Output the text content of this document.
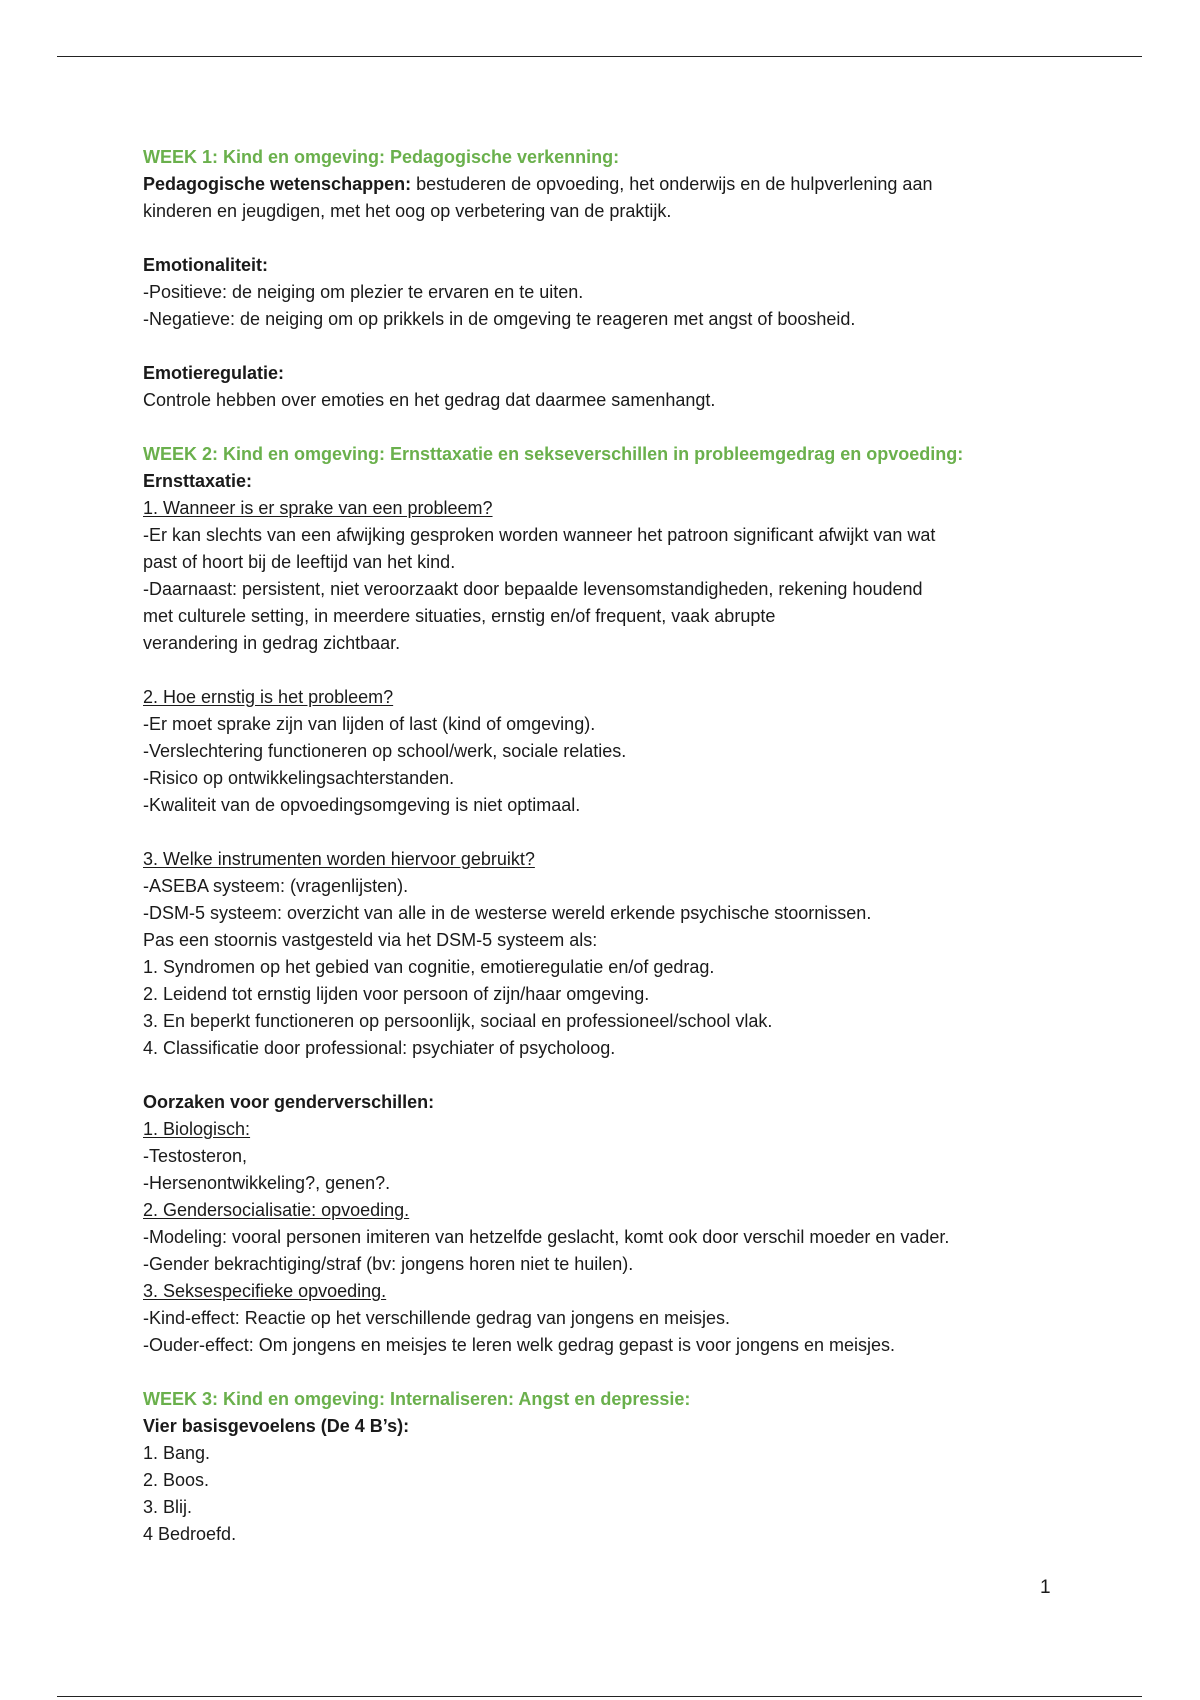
WEEK 1: Kind en omgeving: Pedagogische verkenning:
Pedagogische wetenschappen: bestuderen de opvoeding, het onderwijs en de hulpverlening aan
kinderen en jeugdigen, met het oog op verbetering van de praktijk.
Emotionaliteit:
-Positieve: de neiging om plezier te ervaren en te uiten.
-Negatieve: de neiging om op prikkels in de omgeving te reageren met angst of boosheid.
Emotieregulatie:
Controle hebben over emoties en het gedrag dat daarmee samenhangt.
WEEK 2: Kind en omgeving: Ernsttaxatie en sekseverschillen in probleemgedrag en opvoeding:
Ernsttaxatie:
1. Wanneer is er sprake van een probleem?
-Er kan slechts van een afwijking gesproken worden wanneer het patroon significant afwijkt van wat
past of hoort bij de leeftijd van het kind.
-Daarnaast: persistent, niet veroorzaakt door bepaalde levensomstandigheden, rekening houdend
met culturele setting, in meerdere situaties, ernstig en/of frequent, vaak abrupte
verandering in gedrag zichtbaar.
2. Hoe ernstig is het probleem?
-Er moet sprake zijn van lijden of last (kind of omgeving).
-Verslechtering functioneren op school/werk, sociale relaties.
-Risico op ontwikkelingsachterstanden.
-Kwaliteit van de opvoedingsomgeving is niet optimaal.
3. Welke instrumenten worden hiervoor gebruikt?
-ASEBA systeem: (vragenlijsten).
-DSM-5 systeem: overzicht van alle in de westerse wereld erkende psychische stoornissen.
Pas een stoornis vastgesteld via het DSM-5 systeem als:
1. Syndromen op het gebied van cognitie, emotieregulatie en/of gedrag.
2. Leidend tot ernstig lijden voor persoon of zijn/haar omgeving.
3. En beperkt functioneren op persoonlijk, sociaal en professioneel/school vlak.
4. Classificatie door professional: psychiater of psycholoog.
Oorzaken voor genderverschillen:
1. Biologisch:
-Testosteron,
-Hersenontwikkeling?, genen?.
2. Gendersocialisatie: opvoeding.
-Modeling: vooral personen imiteren van hetzelfde geslacht, komt ook door verschil moeder en vader.
-Gender bekrachtiging/straf (bv: jongens horen niet te huilen).
3. Seksespecifieke opvoeding.
-Kind-effect: Reactie op het verschillende gedrag van jongens en meisjes.
-Ouder-effect: Om jongens en meisjes te leren welk gedrag gepast is voor jongens en meisjes.
WEEK 3: Kind en omgeving: Internaliseren: Angst en depressie:
Vier basisgevoelens (De 4 B’s):
1. Bang.
2. Boos.
3. Blij.
4 Bedroefd.
1
